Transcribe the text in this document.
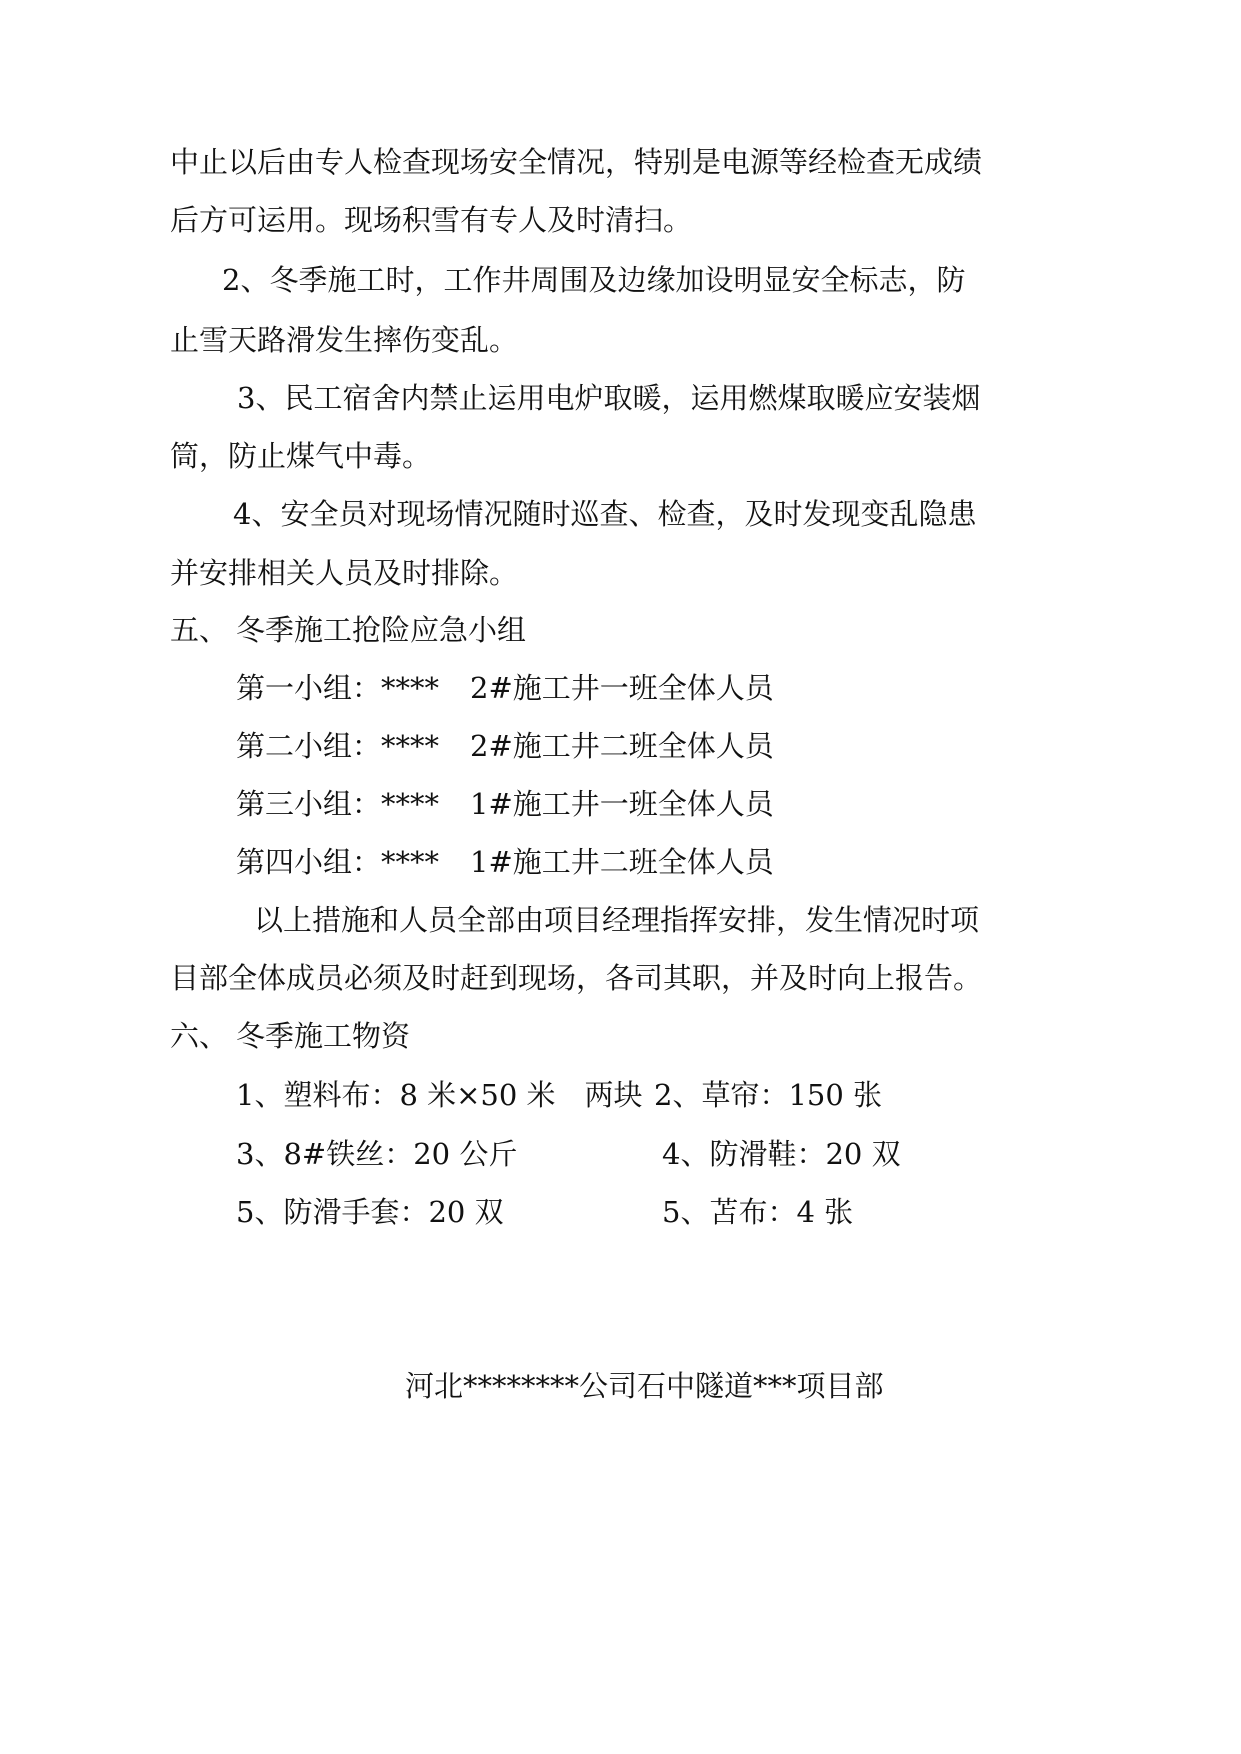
中止以后由专人检查现场安全情况，特别是电源等经检查无成绩
后方可运用。现场积雪有专人及时清扫。
2、冬季施工时，工作井周围及边缘加设明显安全标志，防
止雪天路滑发生摔伤变乱。
3、民工宿舍内禁止运用电炉取暖，运用燃煤取暖应安装烟
筒，防止煤气中毒。
4、安全员对现场情况随时巡查、检查，及时发现变乱隐患
并安排相关人员及时排除。
五、 冬季施工抢险应急小组
第一小组：**** 2#施工井一班全体人员
第二小组：**** 2#施工井二班全体人员
第三小组：**** 1#施工井一班全体人员
第四小组：**** 1#施工井二班全体人员
以上措施和人员全部由项目经理指挥安排，发生情况时项
目部全体成员必须及时赶到现场，各司其职，并及时向上报告。
六、 冬季施工物资
1、塑料布：8 米×50 米　两块 2、草帘：150 张
3、8#铁丝：20 公斤	4、防滑鞋：20 双
5、防滑手套：20 双	5、苫布：4 张
河北********公司石中隧道***项目部
